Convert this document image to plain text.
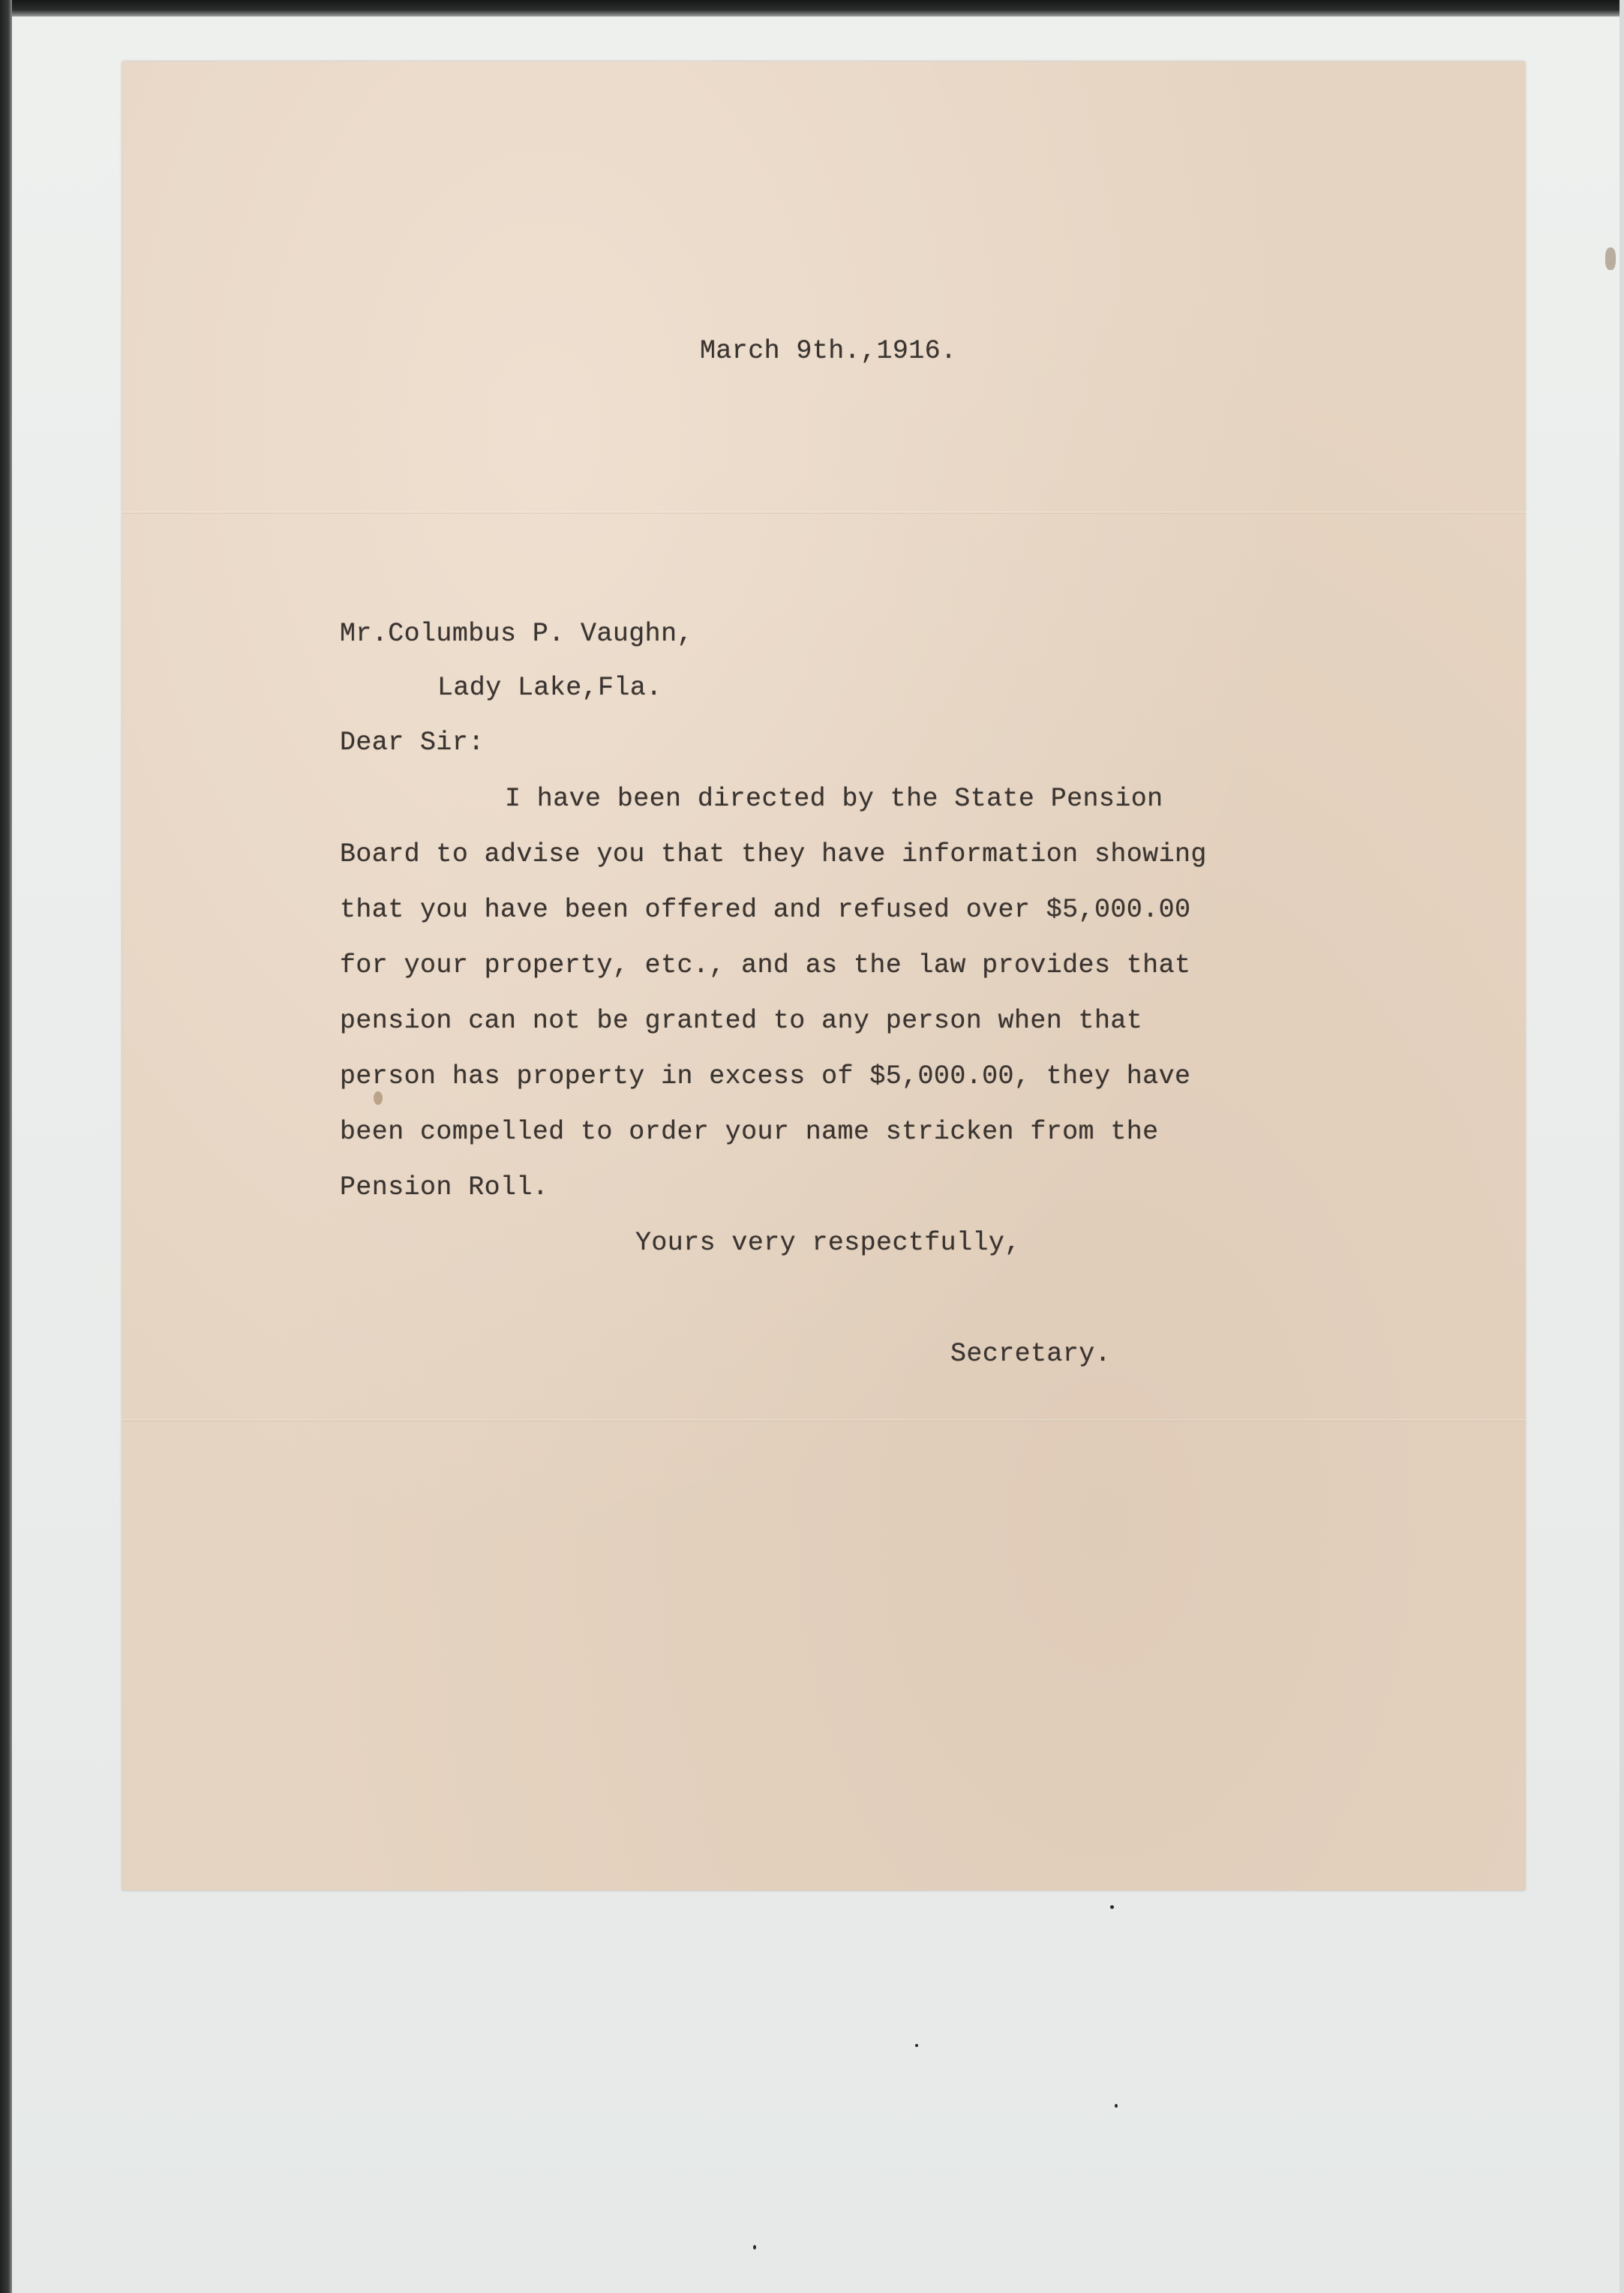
March 9th.,1916.

Mr.Columbus P. Vaughn,

Lady Lake,Fla.

Dear Sir:

I have been directed by the State Pension

Board to advise you that they have information showing

that you have been offered and refused over $5,000.00

for your property, etc., and as the law provides that

pension can not be granted to any person when that

person has property in excess of $5,000.00, they have

been compelled to order your name stricken from the

Pension Roll.

Yours very respectfully,

Secretary.
